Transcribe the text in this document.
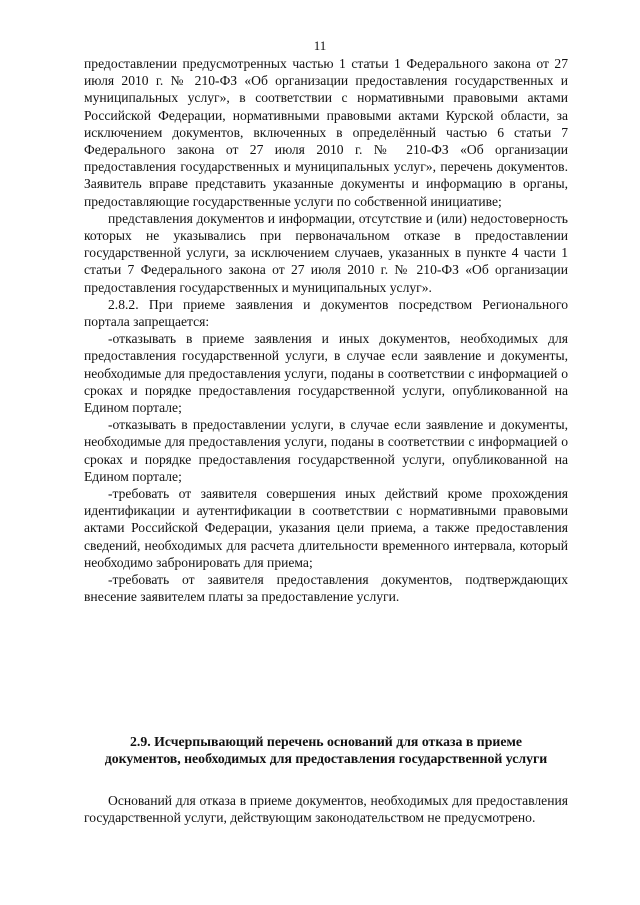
11

предоставлении предусмотренных частью 1 статьи 1 Федерального закона от 27 июля 2010 г. № 210-ФЗ «Об организации предоставления государственных и муниципальных услуг», в соответствии с нормативными правовыми актами Российской Федерации, нормативными правовыми актами Курской области, за исключением документов, включенных в определённый частью 6 статьи 7 Федерального закона от 27 июля 2010 г. № 210-ФЗ «Об организации предоставления государственных и муниципальных услуг», перечень документов. Заявитель вправе представить указанные документы и информацию в органы, предоставляющие государственные услуги по собственной инициативе;

представления документов и информации, отсутствие и (или) недостоверность которых не указывались при первоначальном отказе в предоставлении государственной услуги, за исключением случаев, указанных в пункте 4 части 1 статьи 7 Федерального закона от 27 июля 2010 г. № 210-ФЗ «Об организации предоставления государственных и муниципальных услуг».

2.8.2. При приеме заявления и документов посредством Регионального портала запрещается:

-отказывать в приеме заявления и иных документов, необходимых для предоставления государственной услуги, в случае если заявление и документы, необходимые для предоставления услуги, поданы в соответствии с информацией о сроках и порядке предоставления государственной услуги, опубликованной на Едином портале;

-отказывать в предоставлении услуги, в случае если заявление и документы, необходимые для предоставления услуги, поданы в соответствии с информацией о сроках и порядке предоставления государственной услуги, опубликованной на Едином портале;

-требовать от заявителя совершения иных действий кроме прохождения идентификации и аутентификации в соответствии с нормативными правовыми актами Российской Федерации, указания цели приема, а также предоставления сведений, необходимых для расчета длительности временного интервала, который необходимо забронировать для приема;

-требовать от заявителя предоставления документов, подтверждающих внесение заявителем платы за предоставление услуги.

2.9. Исчерпывающий перечень оснований для отказа в приеме
документов, необходимых для предоставления государственной услуги

Оснований для отказа в приеме документов, необходимых для предоставления государственной услуги, действующим законодательством не предусмотрено.
